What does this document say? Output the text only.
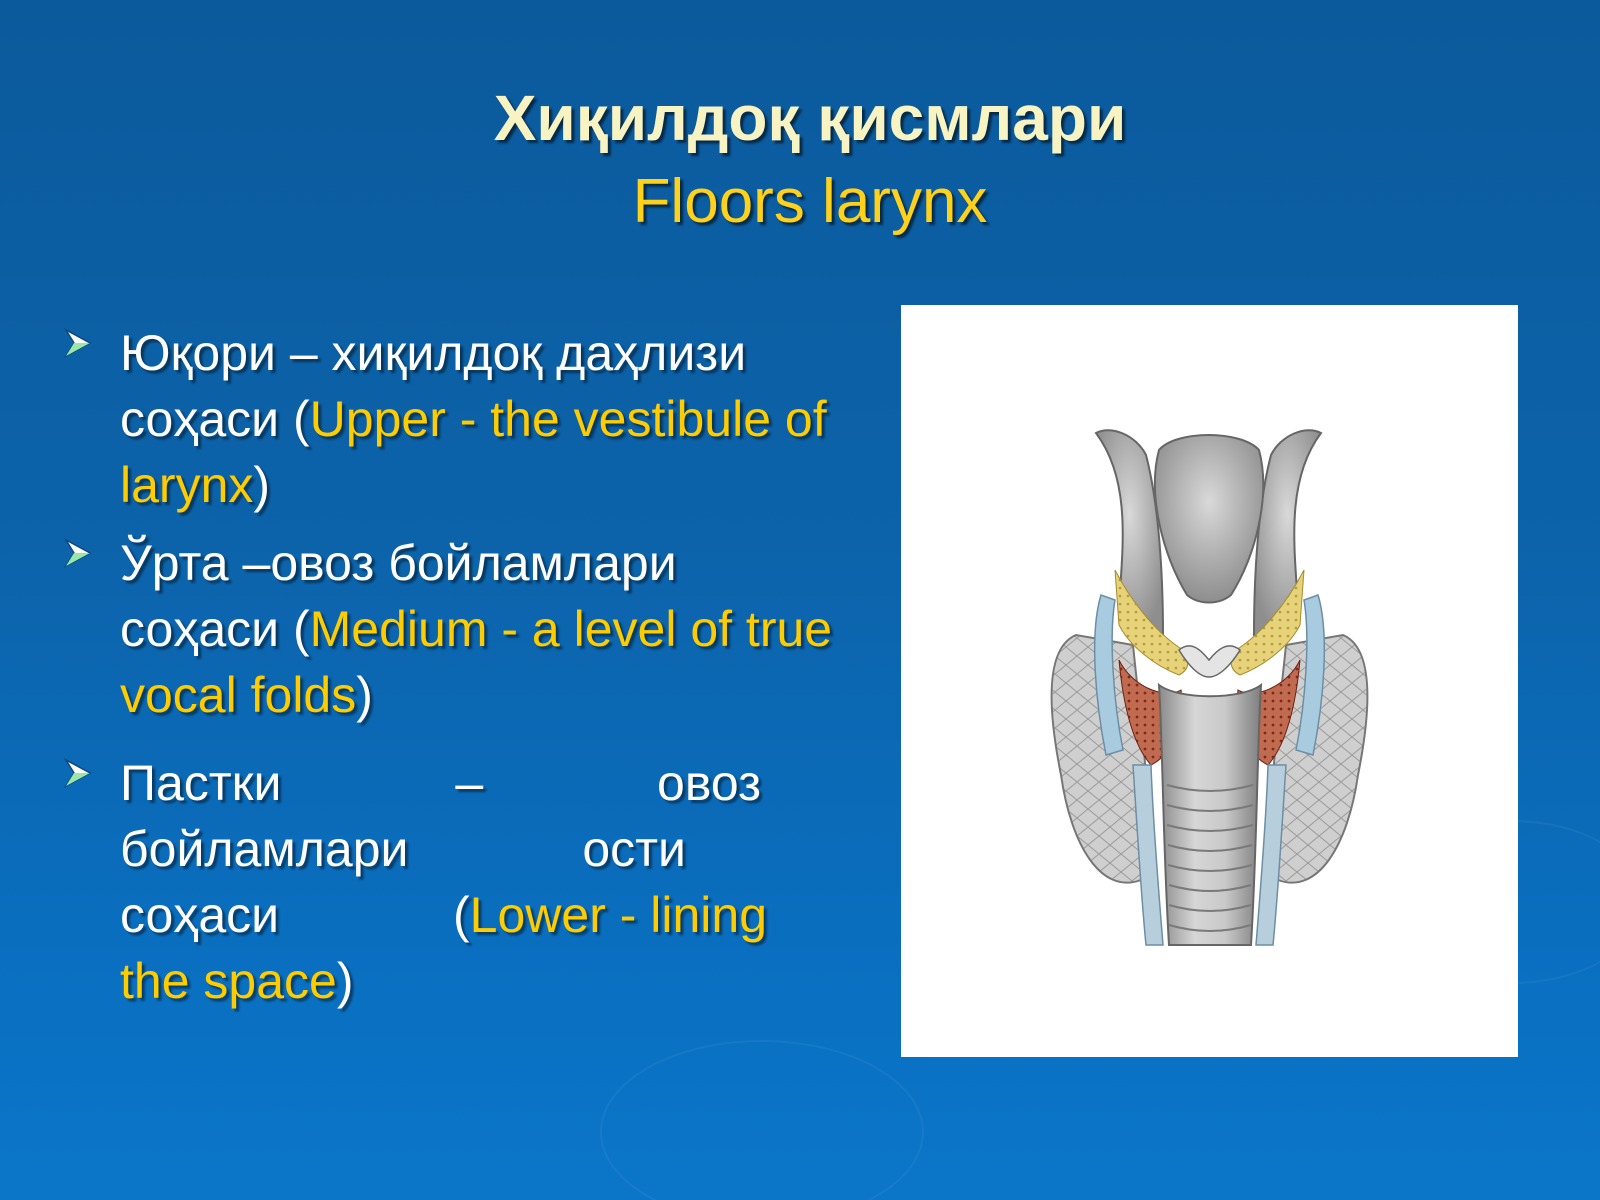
Хиқилдоқ қисмлари
Floors larynx
Юқори – хиқилдоқ даҳлизи соҳаси (Upper - the vestibule of larynx)
Ўрта –овоз бойламлари соҳаси (Medium - a level of true vocal folds)
Пастки – овоз бойламлари ости соҳаси (Lower - lining the space)
